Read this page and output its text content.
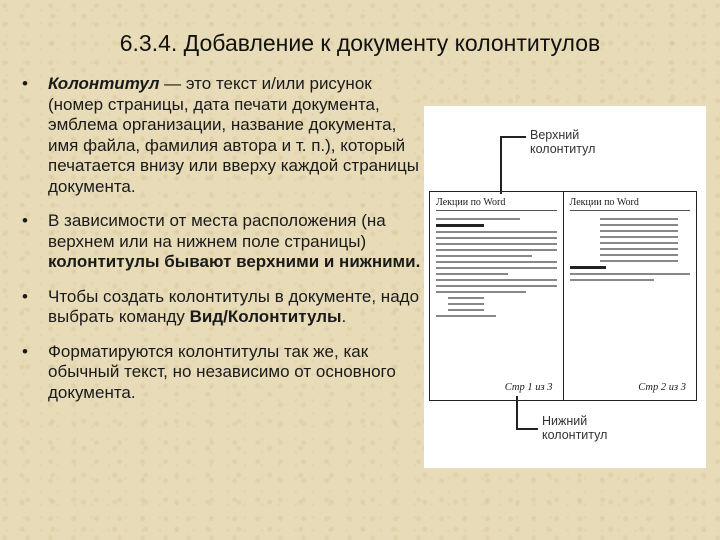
6.3.4. Добавление к документу колонтитулов
• Колонтитул — это текст и/или рисунок (номер страницы, дата печати документа, эмблема организации, название документа, имя файла, фамилия автора и т. п.), который печатается внизу или вверху каждой страницы документа.
• В зависимости от места расположения (на верхнем или на нижнем поле страницы) колонтитулы бывают верхними и нижними.
• Чтобы создать колонтитулы в документе, надо выбрать команду Вид/Колонтитулы.
• Форматируются колонтитулы так же, как обычный текст, но независимо от основного документа.
Верхний
колонтитул
Лекции по Word
Стр 1 из 3
Лекции по Word
Стр 2 из 3
Нижний
колонтитул
